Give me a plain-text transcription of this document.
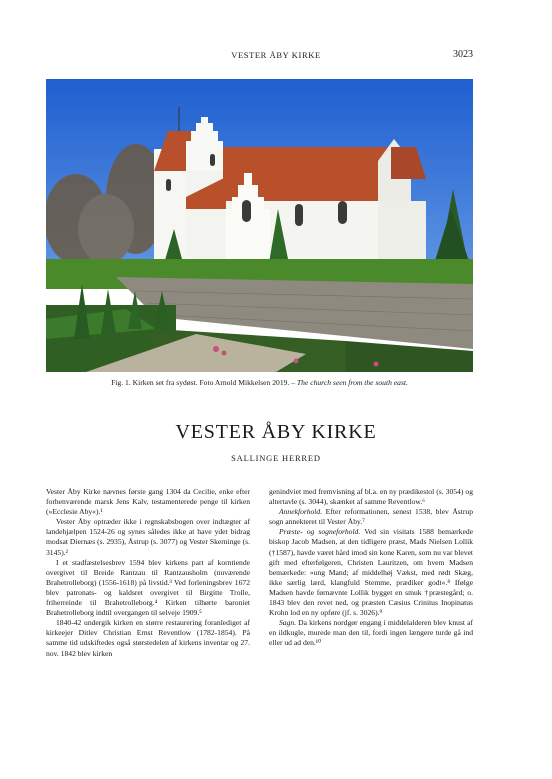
VESTER ÅBY KIRKE	3023
Fig. 1. Kirken set fra sydøst. Foto Arnold Mikkelsen 2019. – The church seen from the south east.
VESTER ÅBY KIRKE
SALLINGE HERRED

Vester Åby Kirke nævnes første gang 1304 da Cecilie, enke efter forhenværende marsk Jens Kalv, testamenterede penge til kirken (»Ecclesie Aby«).¹

Vester Åby optræder ikke i regnskabsbogen over indtægter af landehjælpen 1524-26 og synes således ikke at have ydet bidrag modsat Diernæs (s. 2935), Åstrup (s. 3077) og Vester Skerninge (s. 3145).²

I et stadfæstelsesbrev 1594 blev kirkens part af korntiende overgivet til Breide Rantzau til Rantzausholm (nuværende Brahetrolleborg) (1556-1618) på livstid.³ Ved forleningsbrev 1672 blev patronats- og kaldsret overgivet til Birgitte Trolle, friherreinde til Brahetrolleborg.⁴ Kirken tilhørte baroniet Brahetrolleborg indtil overgangen til selveje 1909.⁵

1840-42 undergik kirken en større restaurering foranlediget af kirkeejer Ditlev Christian Ernst Reventlow (1782-1854). På samme tid udskiftedes også størstedelen af kirkens inventar og 27. nov. 1842 blev kirken

genindviet med fremvisning af bl.a. en ny prædikestol (s. 3054) og altertavle (s. 3044), skænket af samme Reventlow.⁶

Annekforhold. Efter reformationen, senest 1538, blev Åstrup sogn annekteret til Vester Åby.⁷

Præste- og sogneforhold. Ved sin visitats 1588 bemærkede biskop Jacob Madsen, at den tidligere præst, Mads Nielsen Lollik (†1587), havde været hård imod sin kone Karen, som nu var blevet gift med efterfølgeren, Christen Lauritzen, om hvem Madsen bemærkede: »ung Mand; af middelhøj Vækst, med rødt Skæg, ikke særlig lærd, klangfuld Stemme, prædiker godt«.⁸ Ifølge Madsen havde førnævnte Lollik bygget en smuk †præstegård; o. 1843 blev den revet ned, og præsten Cæsius Crinitus Inopinatus Krohn lod en ny opføre (jf. s. 3026).⁹

Sagn. Da kirkens nordgør engang i middelalderen blev knust af en ildkugle, murede man den til, fordi ingen længere turde gå ind eller ud ad den.¹⁰
